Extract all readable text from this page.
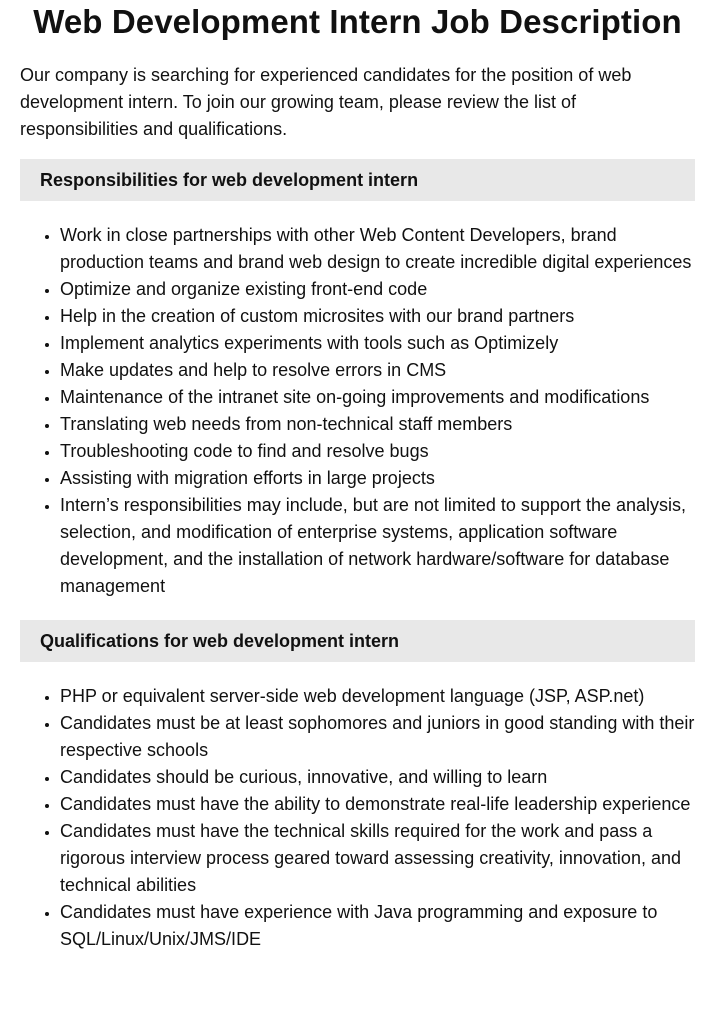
Web Development Intern Job Description

Our company is searching for experienced candidates for the position of web development intern. To join our growing team, please review the list of responsibilities and qualifications.

Responsibilities for web development intern
• Work in close partnerships with other Web Content Developers, brand production teams and brand web design to create incredible digital experiences
• Optimize and organize existing front-end code
• Help in the creation of custom microsites with our brand partners
• Implement analytics experiments with tools such as Optimizely
• Make updates and help to resolve errors in CMS
• Maintenance of the intranet site on-going improvements and modifications
• Translating web needs from non-technical staff members
• Troubleshooting code to find and resolve bugs
• Assisting with migration efforts in large projects
• Intern’s responsibilities may include, but are not limited to support the analysis, selection, and modification of enterprise systems, application software development, and the installation of network hardware/software for database management
Qualifications for web development intern
• PHP or equivalent server-side web development language (JSP, ASP.net)
• Candidates must be at least sophomores and juniors in good standing with their respective schools
• Candidates should be curious, innovative, and willing to learn
• Candidates must have the ability to demonstrate real-life leadership experience
• Candidates must have the technical skills required for the work and pass a rigorous interview process geared toward assessing creativity, innovation, and technical abilities
• Candidates must have experience with Java programming and exposure to SQL/Linux/Unix/JMS/IDE
